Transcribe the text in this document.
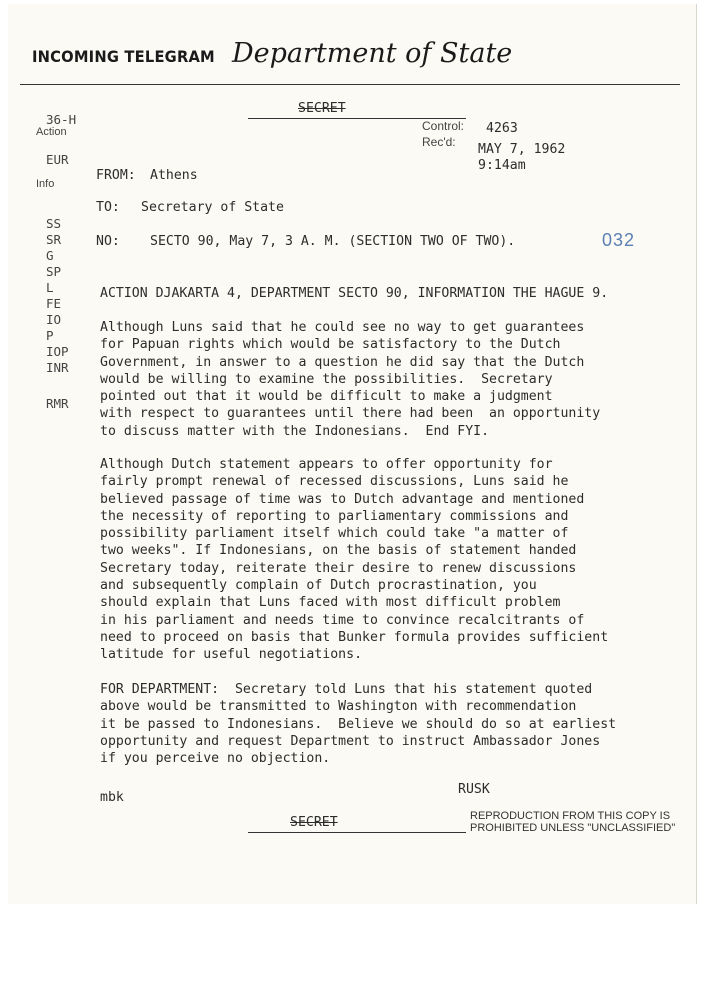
INCOMING TELEGRAM Department of State
SECRET
36-H
Action
EUR
Info
SS
SR
G
SP
L
FE
IO
P
IOP
INR
RMR
Control: 4263
Rec'd: MAY 7, 1962
9:14am
FROM: Athens
TO: Secretary of State
NO: SECTO 90, May 7, 3 A. M. (SECTION TWO OF TWO).	032
ACTION DJAKARTA 4, DEPARTMENT SECTO 90, INFORMATION THE HAGUE 9.
Although Luns said that he could see no way to get guarantees
for Papuan rights which would be satisfactory to the Dutch
Government, in answer to a question he did say that the Dutch
would be willing to examine the possibilities.  Secretary
pointed out that it would be difficult to make a judgment
with respect to guarantees until there had been  an opportunity
to discuss matter with the Indonesians.  End FYI.
Although Dutch statement appears to offer opportunity for
fairly prompt renewal of recessed discussions, Luns said he
believed passage of time was to Dutch advantage and mentioned
the necessity of reporting to parliamentary commissions and
possibility parliament itself which could take "a matter of
two weeks". If Indonesians, on the basis of statement handed
Secretary today, reiterate their desire to renew discussions
and subsequently complain of Dutch procrastination, you
should explain that Luns faced with most difficult problem
in his parliament and needs time to convince recalcitrants of
need to proceed on basis that Bunker formula provides sufficient
latitude for useful negotiations.
FOR DEPARTMENT:  Secretary told Luns that his statement quoted
above would be transmitted to Washington with recommendation
it be passed to Indonesians.  Believe we should do so at earliest
opportunity and request Department to instruct Ambassador Jones
if you perceive no objection.
mbk
RUSK
SECRET	REPRODUCTION FROM THIS COPY IS
PROHIBITED UNLESS "UNCLASSIFIED"
